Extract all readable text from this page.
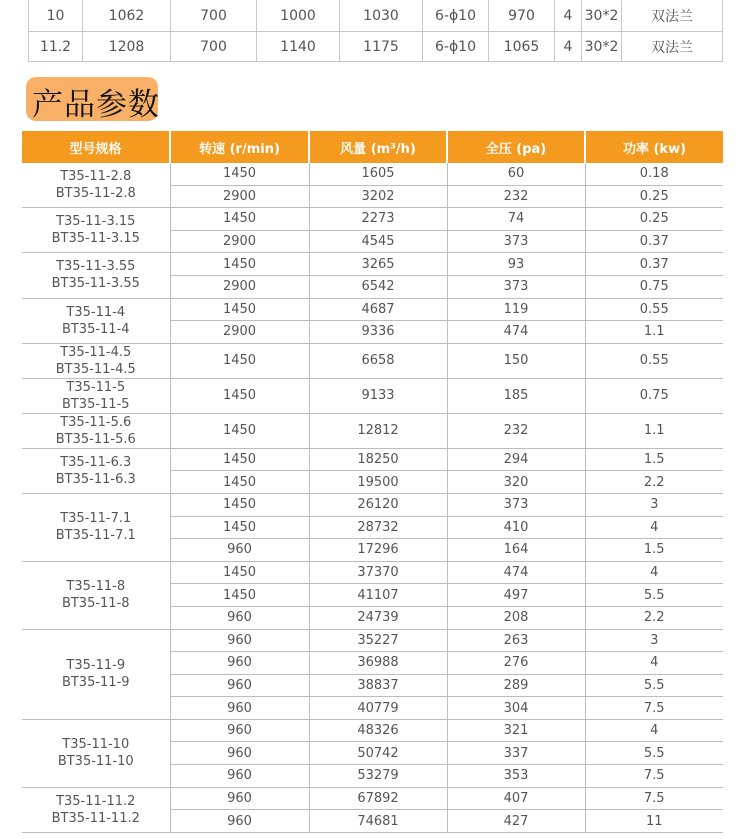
10	1062	700	1000	1030	6-ϕ10	970	4	30*2	双法兰
11.2	1208	700	1140	1175	6-ϕ10	1065	4	30*2	双法兰
产品参数
型号规格	转速 (r/min)	风量 (m³/h)	全压 (pa)	功率 (kw)

T35-11-2.8
BT35-11-2.8	1450	1605	60	0.18
	2900	3202	232	0.25

T35-11-3.15
BT35-11-3.15	1450	2273	74	0.25
	2900	4545	373	0.37

T35-11-3.55
BT35-11-3.55	1450	3265	93	0.37
	2900	6542	373	0.75

T35-11-4
BT35-11-4	1450	4687	119	0.55
	2900	9336	474	1.1

T35-11-4.5
BT35-11-4.5	1450	6658	150	0.55

T35-11-5
BT35-11-5	1450	9133	185	0.75

T35-11-5.6
BT35-11-5.6	1450	12812	232	1.1

T35-11-6.3
BT35-11-6.3	1450	18250	294	1.5
	1450	19500	320	2.2

T35-11-7.1
BT35-11-7.1	1450	26120	373	3
	1450	28732	410	4
	960	17296	164	1.5

T35-11-8
BT35-11-8	1450	37370	474	4
	1450	41107	497	5.5
	960	24739	208	2.2

T35-11-9
BT35-11-9	960	35227	263	3
	960	36988	276	4
	960	38837	289	5.5
	960	40779	304	7.5

T35-11-10
BT35-11-10	960	48326	321	4
	960	50742	337	5.5
	960	53279	353	7.5

T35-11-11.2
BT35-11-11.2	960	67892	407	7.5
	960	74681	427	11
